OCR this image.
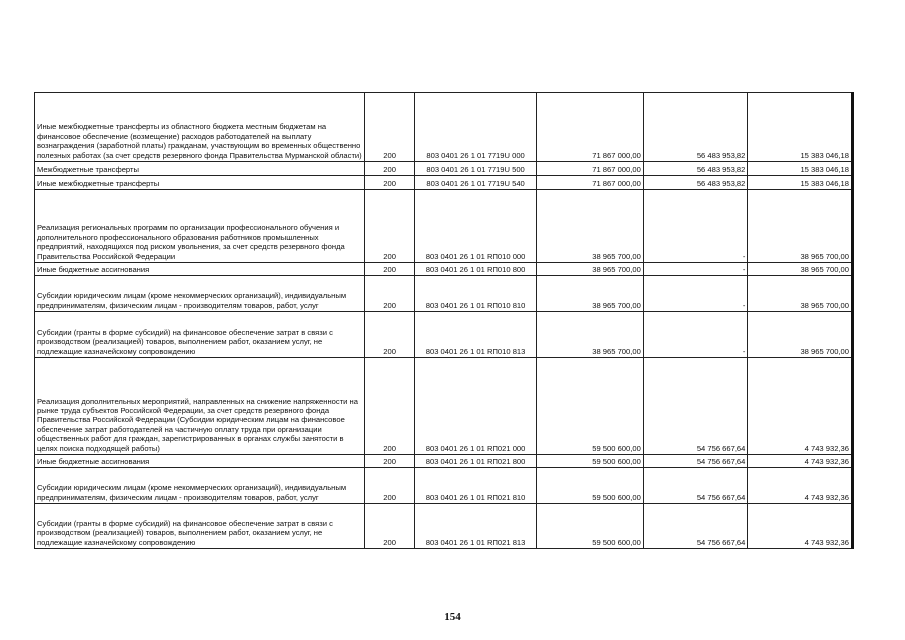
Иные межбюджетные трансферты из областного бюджета местным бюджетам на финансовое обеспечение (возмещение) расходов работодателей на выплату вознаграждения (заработной платы) гражданам, участвующим во временных общественно полезных работах (за счет средств резервного фонда Правительства Мурманской области)	200	803 0401 26 1 01 7719U 000	71 867 000,00	56 483 953,82	15 383 046,18
Межбюджетные трансферты	200	803 0401 26 1 01 7719U 500	71 867 000,00	56 483 953,82	15 383 046,18
Иные межбюджетные трансферты	200	803 0401 26 1 01 7719U 540	71 867 000,00	56 483 953,82	15 383 046,18
Реализация региональных программ по организации профессионального обучения и дополнительного профессионального образования работников промышленных предприятий, находящихся под риском увольнения, за счет средств резервного фонда Правительства Российской Федерации	200	803 0401 26 1 01 RП010 000	38 965 700,00	-	38 965 700,00
Иные бюджетные ассигнования	200	803 0401 26 1 01 RП010 800	38 965 700,00	-	38 965 700,00
Субсидии юридическим лицам (кроме некоммерческих организаций), индивидуальным предпринимателям, физическим лицам - производителям товаров, работ, услуг	200	803 0401 26 1 01 RП010 810	38 965 700,00	-	38 965 700,00
Субсидии (гранты в форме субсидий) на финансовое обеспечение затрат в связи с производством (реализацией) товаров, выполнением работ, оказанием услуг, не подлежащие казначейскому сопровождению	200	803 0401 26 1 01 RП010 813	38 965 700,00	-	38 965 700,00
Реализация дополнительных мероприятий, направленных на снижение напряженности на рынке труда субъектов Российской Федерации, за счет средств резервного фонда Правительства Российской Федерации (Субсидии юридическим лицам на финансовое обеспечение затрат работодателей на частичную оплату труда при организации общественных работ для граждан, зарегистрированных в органах службы занятости в целях поиска подходящей работы)	200	803 0401 26 1 01 RП021 000	59 500 600,00	54 756 667,64	4 743 932,36
Иные бюджетные ассигнования	200	803 0401 26 1 01 RП021 800	59 500 600,00	54 756 667,64	4 743 932,36
Субсидии юридическим лицам (кроме некоммерческих организаций), индивидуальным предпринимателям, физическим лицам - производителям товаров, работ, услуг	200	803 0401 26 1 01 RП021 810	59 500 600,00	54 756 667,64	4 743 932,36
Субсидии (гранты в форме субсидий) на финансовое обеспечение затрат в связи с производством (реализацией) товаров, выполнением работ, оказанием услуг, не подлежащие казначейскому сопровождению	200	803 0401 26 1 01 RП021 813	59 500 600,00	54 756 667,64	4 743 932,36
154
